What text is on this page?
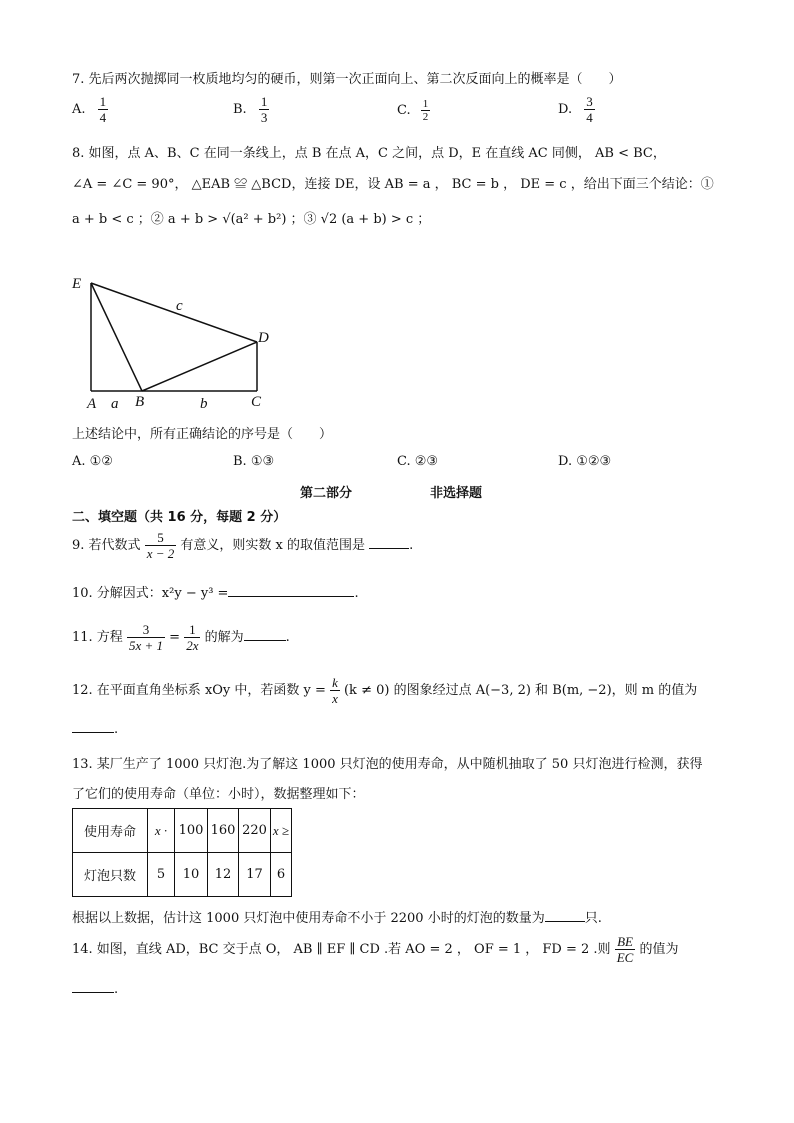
7. 先后两次抛掷同一枚质地均匀的硬币，则第一次正面向上、第二次反面向上的概率是（　　）
A. $\frac{1}{4}$	B. $\frac{1}{3}$	C. $\frac{1}{2}$	D. $\frac{3}{4}$
8. 如图，点 A、B、C 在同一条线上，点 B 在点 A，C 之间，点 D，E 在直线 AC 同侧， AB < BC，
∠A = ∠C = 90°， △EAB ≌ △BCD，连接 DE，设 AB = a ， BC = b ， DE = c ，给出下面三个结论：①
a + b < c ；② a + b > √(a² + b²) ；③ √2 (a + b) > c ；
E
D
A	B	C
a	b
c
上述结论中，所有正确结论的序号是（　　）
A. ①②	B. ①③	C. ②③	D. ①②③
第二部分	非选择题
二、填空题（共 16 分，每题 2 分）
9. 若代数式 $\frac{5}{x - 2}$ 有意义，则实数 x 的取值范围是	.
10. 分解因式：x²y − y³ =	.
11. 方程 $\frac{3}{5x + 1} = \frac{1}{2x}$ 的解为	.
12. 在平面直角坐标系 xOy 中，若函数 $y = \frac{k}{x} (k \ne 0)$ 的图象经过点 A(−3, 2) 和 B(m, −2)，则 m 的值为
.
13. 某厂生产了 1000 只灯泡.为了解这 1000 只灯泡的使用寿命，从中随机抽取了 50 只灯泡进行检测，获得
了它们的使用寿命（单位：小时），数据整理如下：
使用寿命	x ·	100	160	220	x ≥
灯泡只数	5	10	12	17	6
根据以上数据，估计这 1000 只灯泡中使用寿命不小于 2200 小时的灯泡的数量为	只.
14. 如图，直线 AD，BC 交于点 O， AB ∥ EF ∥ CD .若 AO = 2 ， OF = 1 ， FD = 2 .则 $\frac{BE}{EC}$ 的值为
.
